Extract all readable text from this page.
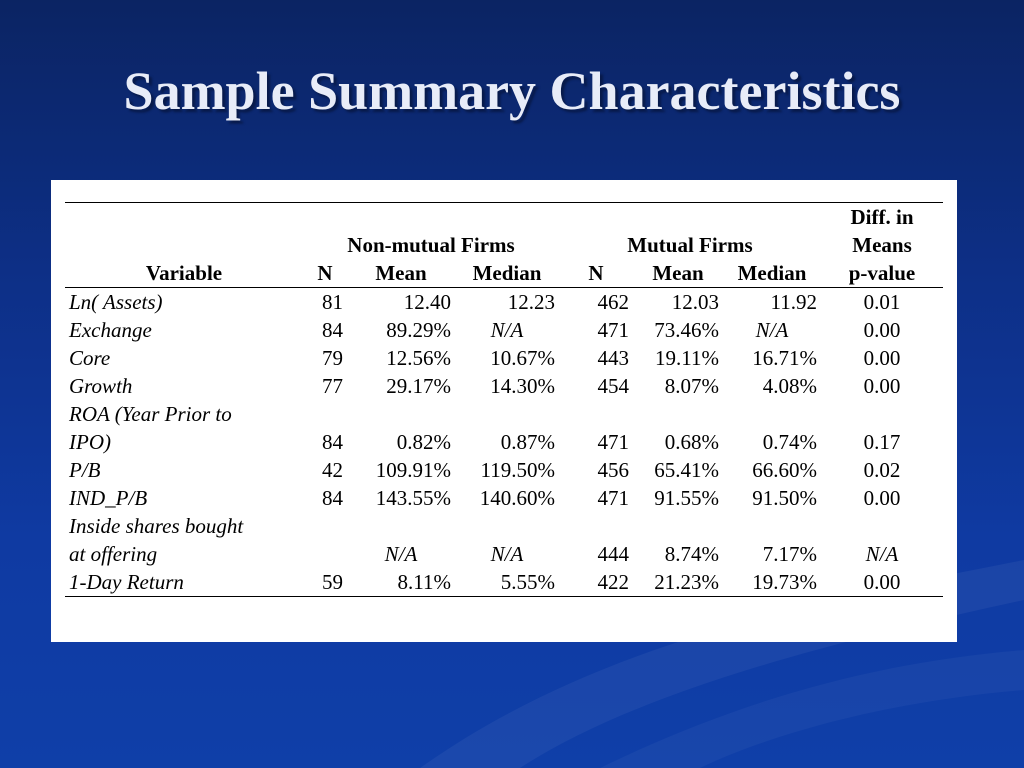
Sample Summary Characteristics
							Diff. in
	Non-mutual Firms			Mutual Firms			Means
Variable	N	Mean	Median	N	Mean	Median	p-value
Ln( Assets)	81	12.40	12.23	462	12.03	11.92	0.01
Exchange	84	89.29%	N/A	471	73.46%	N/A	0.00
Core	79	12.56%	10.67%	443	19.11%	16.71%	0.00
Growth	77	29.17%	14.30%	454	8.07%	4.08%	0.00
ROA (Year Prior to							
IPO)	84	0.82%	0.87%	471	0.68%	0.74%	0.17
P/B	42	109.91%	119.50%	456	65.41%	66.60%	0.02
IND_P/B	84	143.55%	140.60%	471	91.55%	91.50%	0.00
Inside shares bought							
at offering		N/A	N/A	444	8.74%	7.17%	N/A
1-Day Return	59	8.11%	5.55%	422	21.23%	19.73%	0.00
